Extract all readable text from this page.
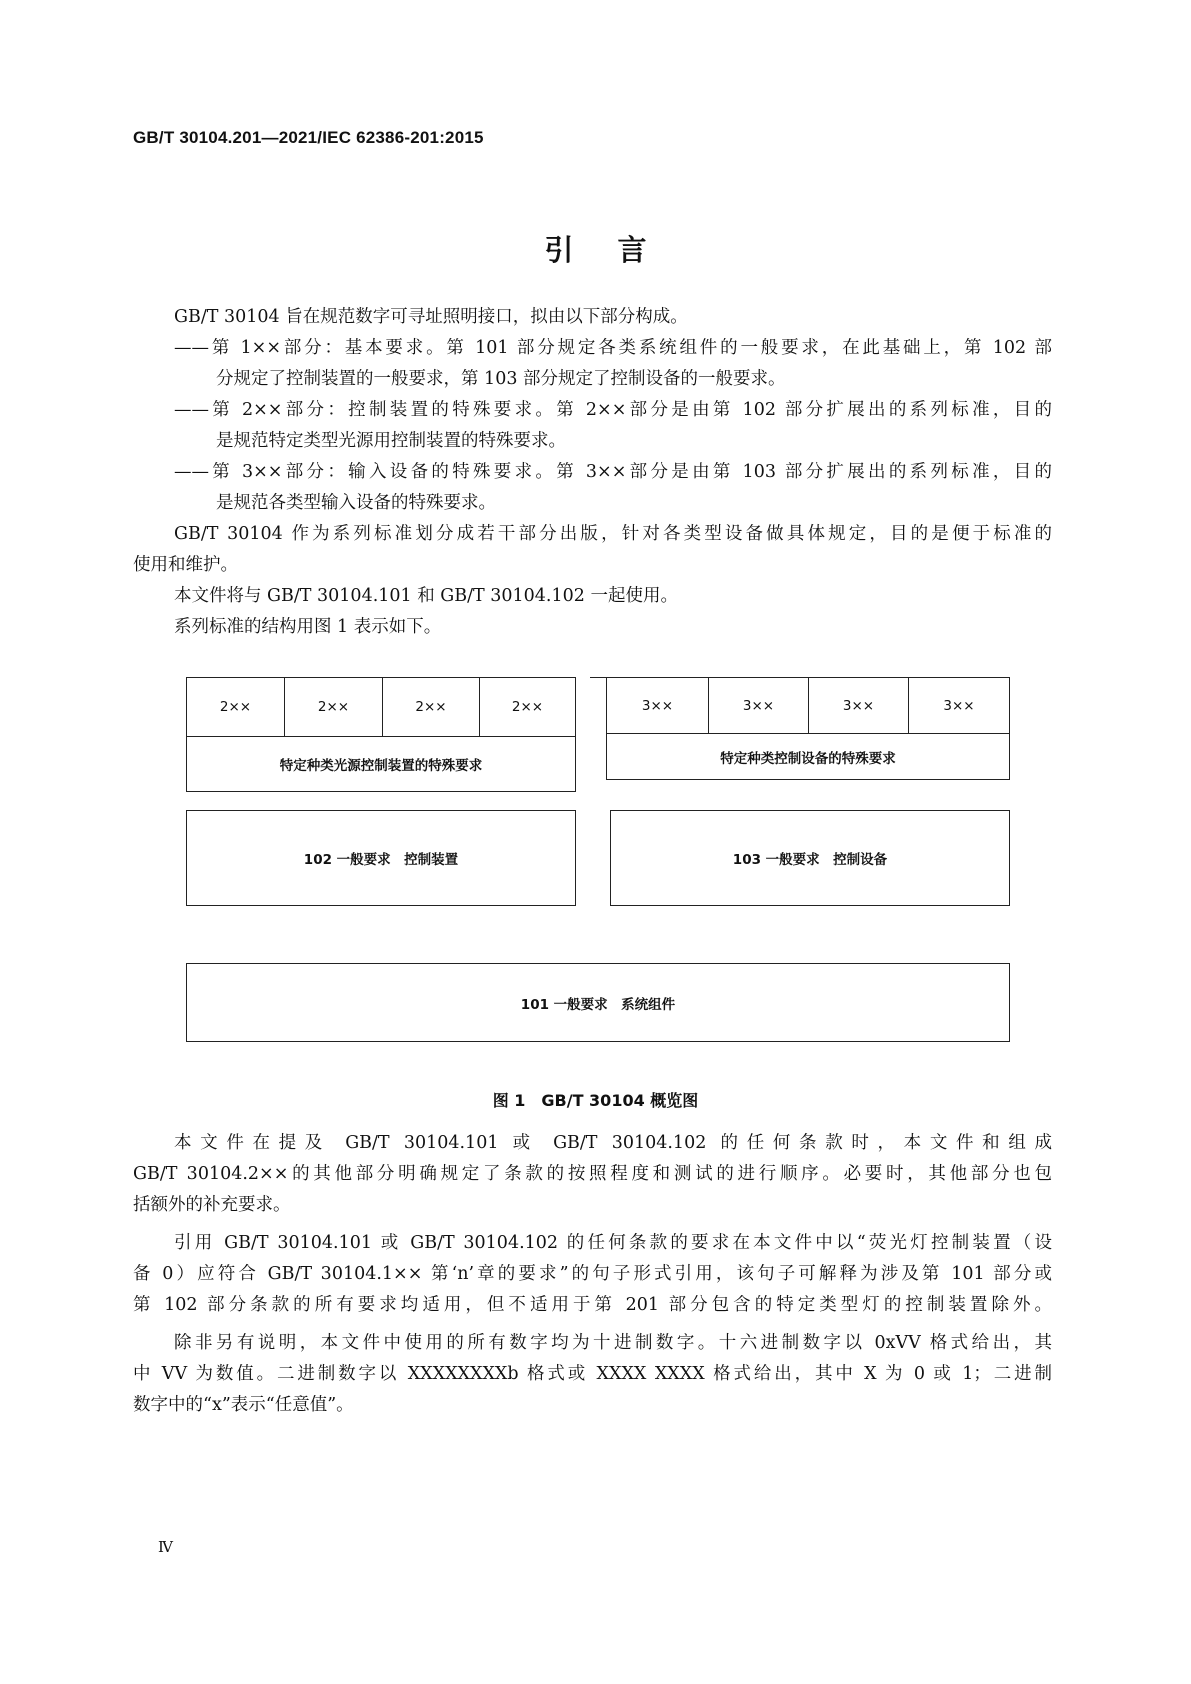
GB/T 30104.201—2021/IEC 62386-201:2015
引言
GB/T 30104 旨在规范数字可寻址照明接口，拟由以下部分构成。
——第 1××部分：基本要求。第 101 部分规定各类系统组件的一般要求，在此基础上，第 102 部
分规定了控制装置的一般要求，第 103 部分规定了控制设备的一般要求。
——第 2××部分：控制装置的特殊要求。第 2××部分是由第 102 部分扩展出的系列标准，目的
是规范特定类型光源用控制装置的特殊要求。
——第 3××部分：输入设备的特殊要求。第 3××部分是由第 103 部分扩展出的系列标准，目的
是规范各类型输入设备的特殊要求。
GB/T 30104 作为系列标准划分成若干部分出版，针对各类型设备做具体规定，目的是便于标准的
使用和维护。
本文件将与 GB/T 30104.101 和 GB/T 30104.102 一起使用。
系列标准的结构用图 1 表示如下。
2××	2××	2××	2××
特定种类光源控制装置的特殊要求
3××	3××	3××	3××
特定种类控制设备的特殊要求
102 一般要求　控制装置	103 一般要求　控制设备
101 一般要求　系统组件
图 1　GB/T 30104 概览图
本文件在提及 GB/T 30104.101 或 GB/T 30104.102 的任何条款时，本文件和组成
GB/T 30104.2××的其他部分明确规定了条款的按照程度和测试的进行顺序。必要时，其他部分也包
括额外的补充要求。
引用 GB/T 30104.101 或 GB/T 30104.102 的任何条款的要求在本文件中以“荧光灯控制装置（设
备 0）应符合 GB/T 30104.1×× 第‘n’章的要求”的句子形式引用，该句子可解释为涉及第 101 部分或
第 102 部分条款的所有要求均适用，但不适用于第 201 部分包含的特定类型灯的控制装置除外。
除非另有说明，本文件中使用的所有数字均为十进制数字。十六进制数字以 0xVV 格式给出，其
中 VV 为数值。二进制数字以 XXXXXXXXb 格式或 XXXX XXXX 格式给出，其中 X 为 0 或 1；二进制
数字中的“x”表示“任意值”。
Ⅳ
